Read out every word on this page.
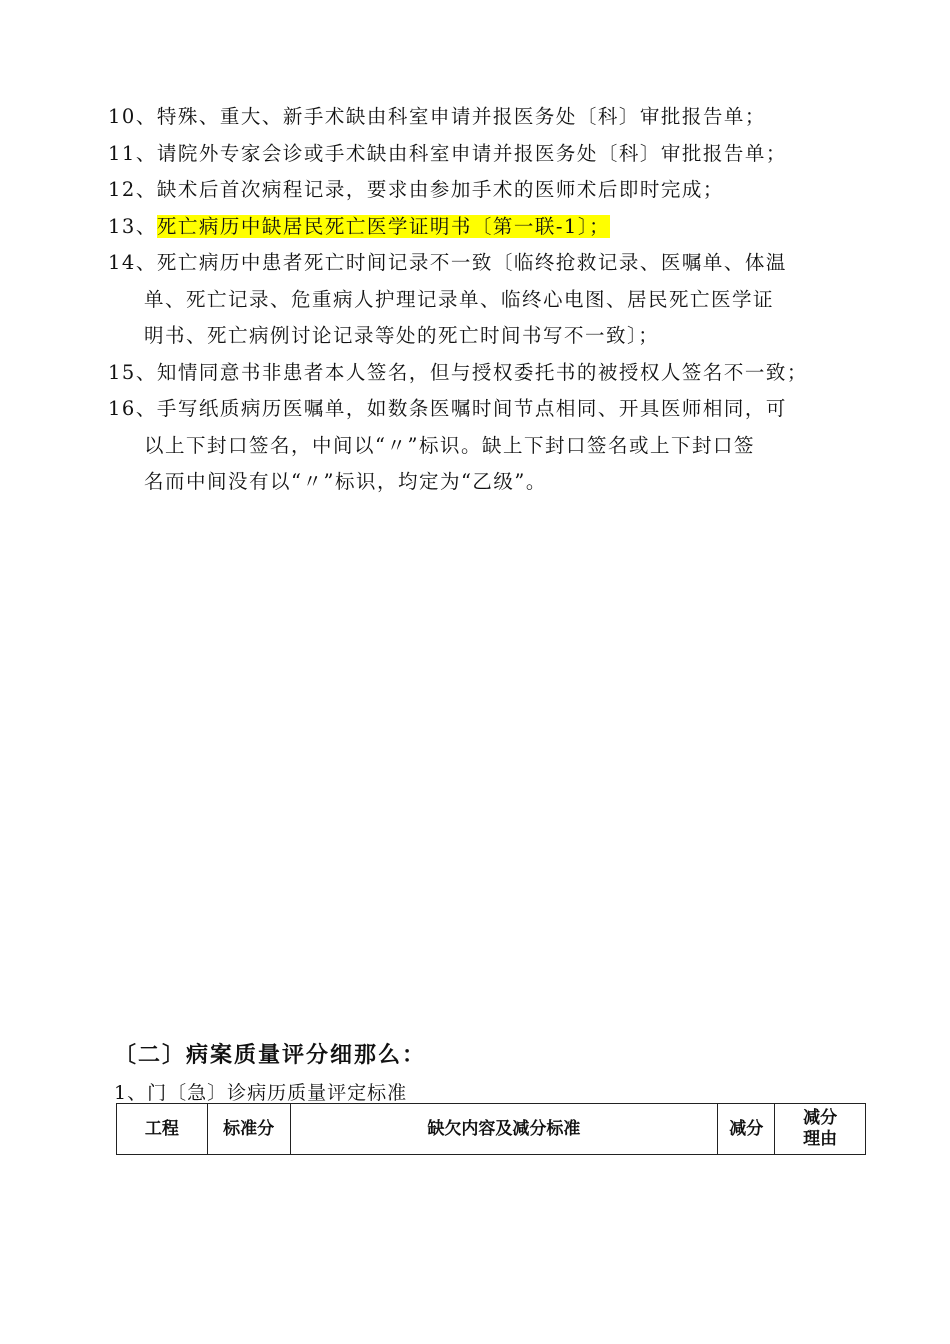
10、特殊、重大、新手术缺由科室申请并报医务处〔科〕审批报告单；
11、请院外专家会诊或手术缺由科室申请并报医务处〔科〕审批报告单；
12、缺术后首次病程记录，要求由参加手术的医师术后即时完成；
13、死亡病历中缺居民死亡医学证明书〔第一联-1〕；
14、死亡病历中患者死亡时间记录不一致〔临终抢救记录、医嘱单、体温
单、死亡记录、危重病人护理记录单、临终心电图、居民死亡医学证
明书、死亡病例讨论记录等处的死亡时间书写不一致〕；
15、知情同意书非患者本人签名，但与授权委托书的被授权人签名不一致；
16、手写纸质病历医嘱单，如数条医嘱时间节点相同、开具医师相同，可
以上下封口签名，中间以“〃”标识。缺上下封口签名或上下封口签
名而中间没有以“〃”标识，均定为“乙级”。
〔二〕病案质量评分细那么：
1、门〔急〕诊病历质量评定标准
工程	标准分	缺欠内容及减分标准	减分	减分
理由
